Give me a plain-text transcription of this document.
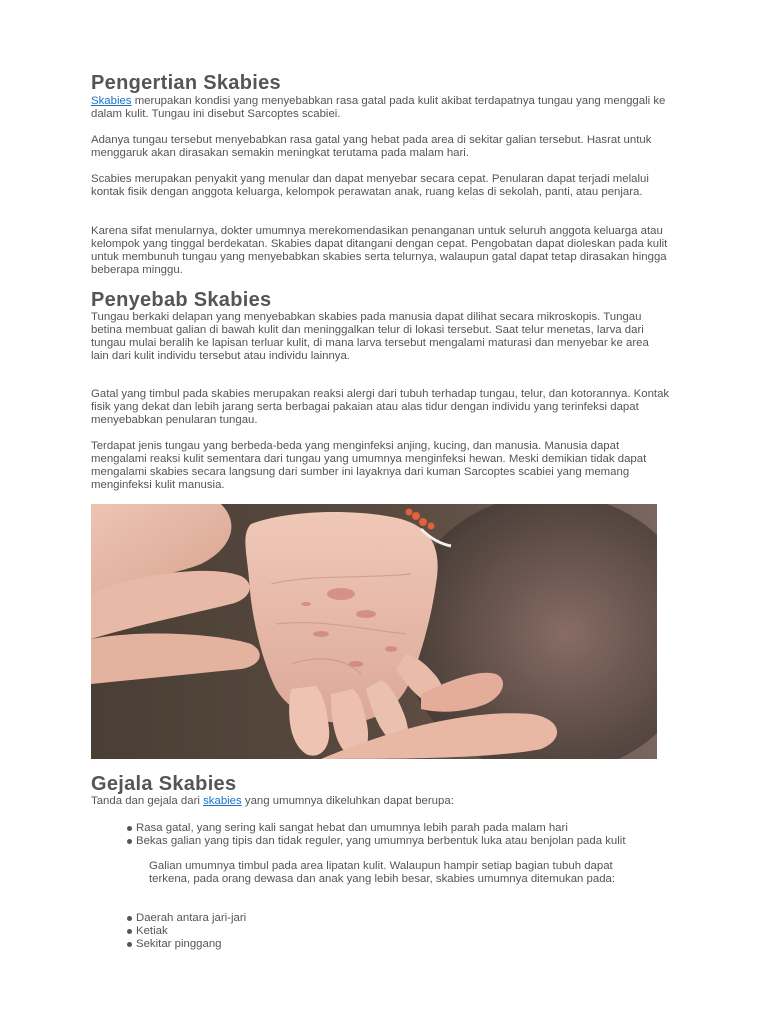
Pengertian Skabies

Skabies merupakan kondisi yang menyebabkan rasa gatal pada kulit akibat terdapatnya tungau yang menggali ke dalam kulit. Tungau ini disebut Sarcoptes scabiei.

Adanya tungau tersebut menyebabkan rasa gatal yang hebat pada area di sekitar galian tersebut. Hasrat untuk menggaruk akan dirasakan semakin meningkat terutama pada malam hari.

Scabies merupakan penyakit yang menular dan dapat menyebar secara cepat. Penularan dapat terjadi melalui kontak fisik dengan anggota keluarga, kelompok perawatan anak, ruang kelas di sekolah, panti, atau penjara.

Karena sifat menularnya, dokter umumnya merekomendasikan penanganan untuk seluruh anggota keluarga atau kelompok yang tinggal berdekatan. Skabies dapat ditangani dengan cepat. Pengobatan dapat dioleskan pada kulit untuk membunuh tungau yang menyebabkan skabies serta telurnya, walaupun gatal dapat tetap dirasakan hingga beberapa minggu.

Penyebab Skabies

Tungau berkaki delapan yang menyebabkan skabies pada manusia dapat dilihat secara mikroskopis. Tungau betina membuat galian di bawah kulit dan meninggalkan telur di lokasi tersebut. Saat telur menetas, larva dari tungau mulai beralih ke lapisan terluar kulit, di mana larva tersebut mengalami maturasi dan menyebar ke area lain dari kulit individu tersebut atau individu lainnya.

Gatal yang timbul pada skabies merupakan reaksi alergi dari tubuh terhadap tungau, telur, dan kotorannya. Kontak fisik yang dekat dan lebih jarang serta berbagai pakaian atau alas tidur dengan individu yang terinfeksi dapat menyebabkan penularan tungau.

Terdapat jenis tungau yang berbeda-beda yang menginfeksi anjing, kucing, dan manusia. Manusia dapat mengalami reaksi kulit sementara dari tungau yang umumnya menginfeksi hewan. Meski demikian tidak dapat mengalami skabies secara langsung dari sumber ini layaknya dari kuman Sarcoptes scabiei yang memang menginfeksi kulit manusia.

Gejala Skabies

Tanda dan gejala dari skabies yang umumnya dikeluhkan dapat berupa:

Rasa gatal, yang sering kali sangat hebat dan umumnya lebih parah pada malam hari
Bekas galian yang tipis dan tidak reguler, yang umumnya berbentuk luka atau benjolan pada kulit

Galian umumnya timbul pada area lipatan kulit. Walaupun hampir setiap bagian tubuh dapat terkena, pada orang dewasa dan anak yang lebih besar, skabies umumnya ditemukan pada:

Daerah antara jari-jari
Ketiak
Sekitar pinggang
